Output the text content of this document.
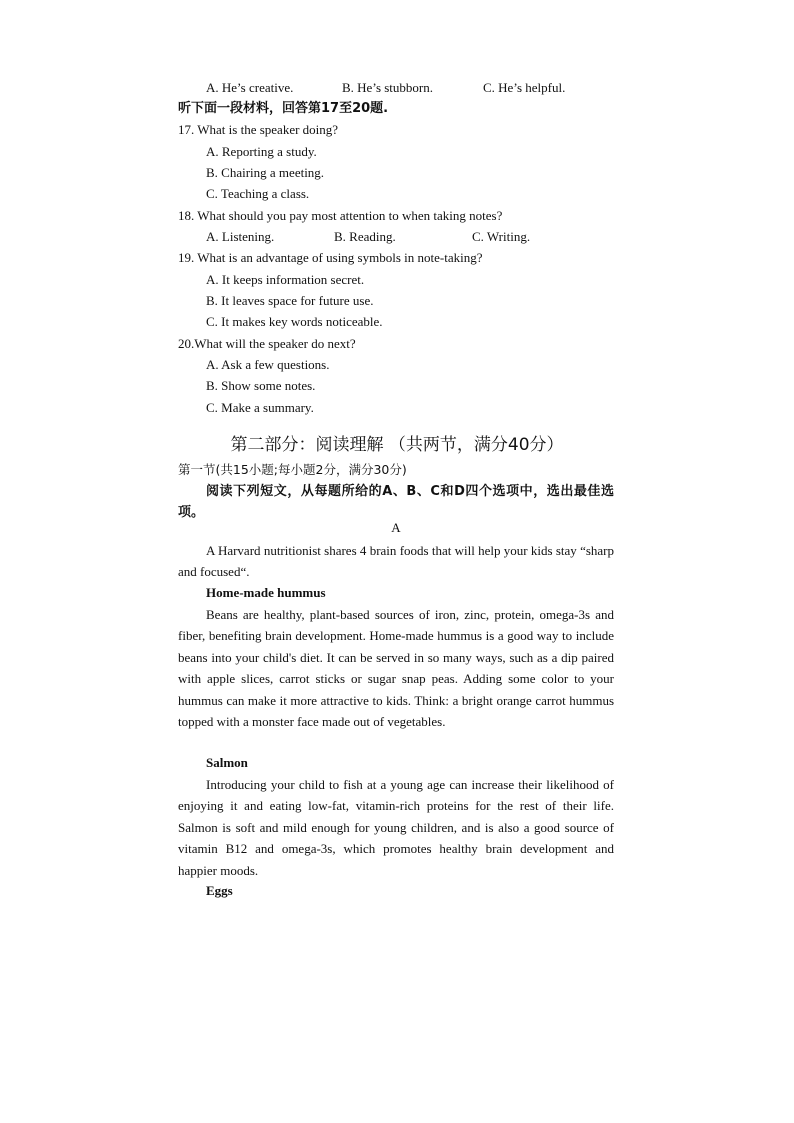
A. He’s creative.	B. He’s stubborn.	C. He’s helpful.
听下面一段材料，回答第17至20题.
17. What is the speaker doing?
A. Reporting a study.
B. Chairing a meeting.
C. Teaching a class.
18. What should you pay most attention to when taking notes?
A. Listening.	B. Reading.	C. Writing.
19. What is an advantage of using symbols in note-taking?
A. It keeps information secret.
B. It leaves space for future use.
C. It makes key words noticeable.
20.What will the speaker do next?
A. Ask a few questions.
B. Show some notes.
C. Make a summary.
第二部分：阅读理解 （共两节，满分40分）
第一节(共15小题;每小题2分，满分30分)
阅读下列短文，从每题所给的A、B、C和D四个选项中，选出最佳选项。
A
A Harvard nutritionist shares 4 brain foods that will help your kids stay “sharp and focused“.
Home-made hummus
Beans are healthy, plant-based sources of iron, zinc, protein, omega-3s and fiber, benefiting brain development. Home-made hummus is a good way to include beans into your child's diet. It can be served in so many ways, such as a dip paired with apple slices, carrot sticks or sugar snap peas. Adding some color to your hummus can make it more attractive to kids. Think: a bright orange carrot hummus topped with a monster face made out of vegetables.
Salmon
Introducing your child to fish at a young age can increase their likelihood of enjoying it and eating low-fat, vitamin-rich proteins for the rest of their life. Salmon is soft and mild enough for young children, and is also a good source of vitamin B12 and omega-3s, which promotes healthy brain development and happier moods.
Eggs
